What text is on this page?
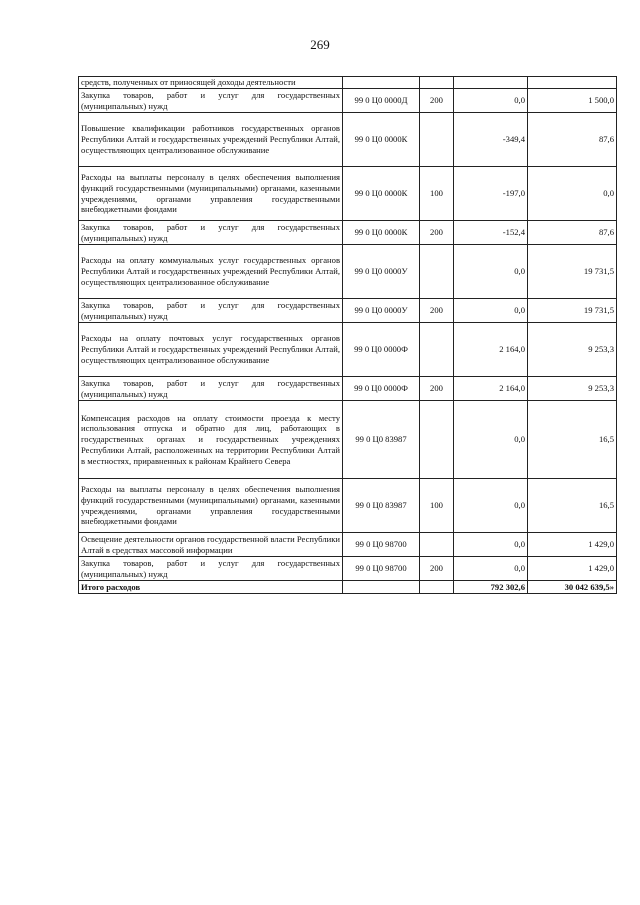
269
средств, полученных от приносящей доходы деятельности				
Закупка товаров, работ и услуг для государственных (муниципальных) нужд	99 0 Ц0 0000Д	200	0,0	1 500,0
Повышение квалификации работников государственных органов Республики Алтай и государственных учреждений Республики Алтай, осуществляющих централизованное обслуживание	99 0 Ц0 0000К		-349,4	87,6
Расходы на выплаты персоналу в целях обеспечения выполнения функций государственными (муниципальными) органами, казенными учреждениями, органами управления государственными внебюджетными фондами	99 0 Ц0 0000К	100	-197,0	0,0
Закупка товаров, работ и услуг для государственных (муниципальных) нужд	99 0 Ц0 0000К	200	-152,4	87,6
Расходы на оплату коммунальных услуг государственных органов Республики Алтай и государственных учреждений Республики Алтай, осуществляющих централизованное обслуживание	99 0 Ц0 0000У		0,0	19 731,5
Закупка товаров, работ и услуг для государственных (муниципальных) нужд	99 0 Ц0 0000У	200	0,0	19 731,5
Расходы на оплату почтовых услуг государственных органов Республики Алтай и государственных учреждений Республики Алтай, осуществляющих централизованное обслуживание	99 0 Ц0 0000Ф		2 164,0	9 253,3
Закупка товаров, работ и услуг для государственных (муниципальных) нужд	99 0 Ц0 0000Ф	200	2 164,0	9 253,3
Компенсация расходов на оплату стоимости проезда к месту использования отпуска и обратно для лиц, работающих в государственных органах и государственных учреждениях Республики Алтай, расположенных на территории Республики Алтай в местностях, приравненных к районам Крайнего Севера	99 0 Ц0 83987		0,0	16,5
Расходы на выплаты персоналу в целях обеспечения выполнения функций государственными (муниципальными) органами, казенными учреждениями, органами управления государственными внебюджетными фондами	99 0 Ц0 83987	100	0,0	16,5
Освещение деятельности органов государственной власти Республики Алтай в средствах массовой информации	99 0 Ц0 98700		0,0	1 429,0
Закупка товаров, работ и услуг для государственных (муниципальных) нужд	99 0 Ц0 98700	200	0,0	1 429,0
Итого расходов			792 302,6	30 042 639,5»
